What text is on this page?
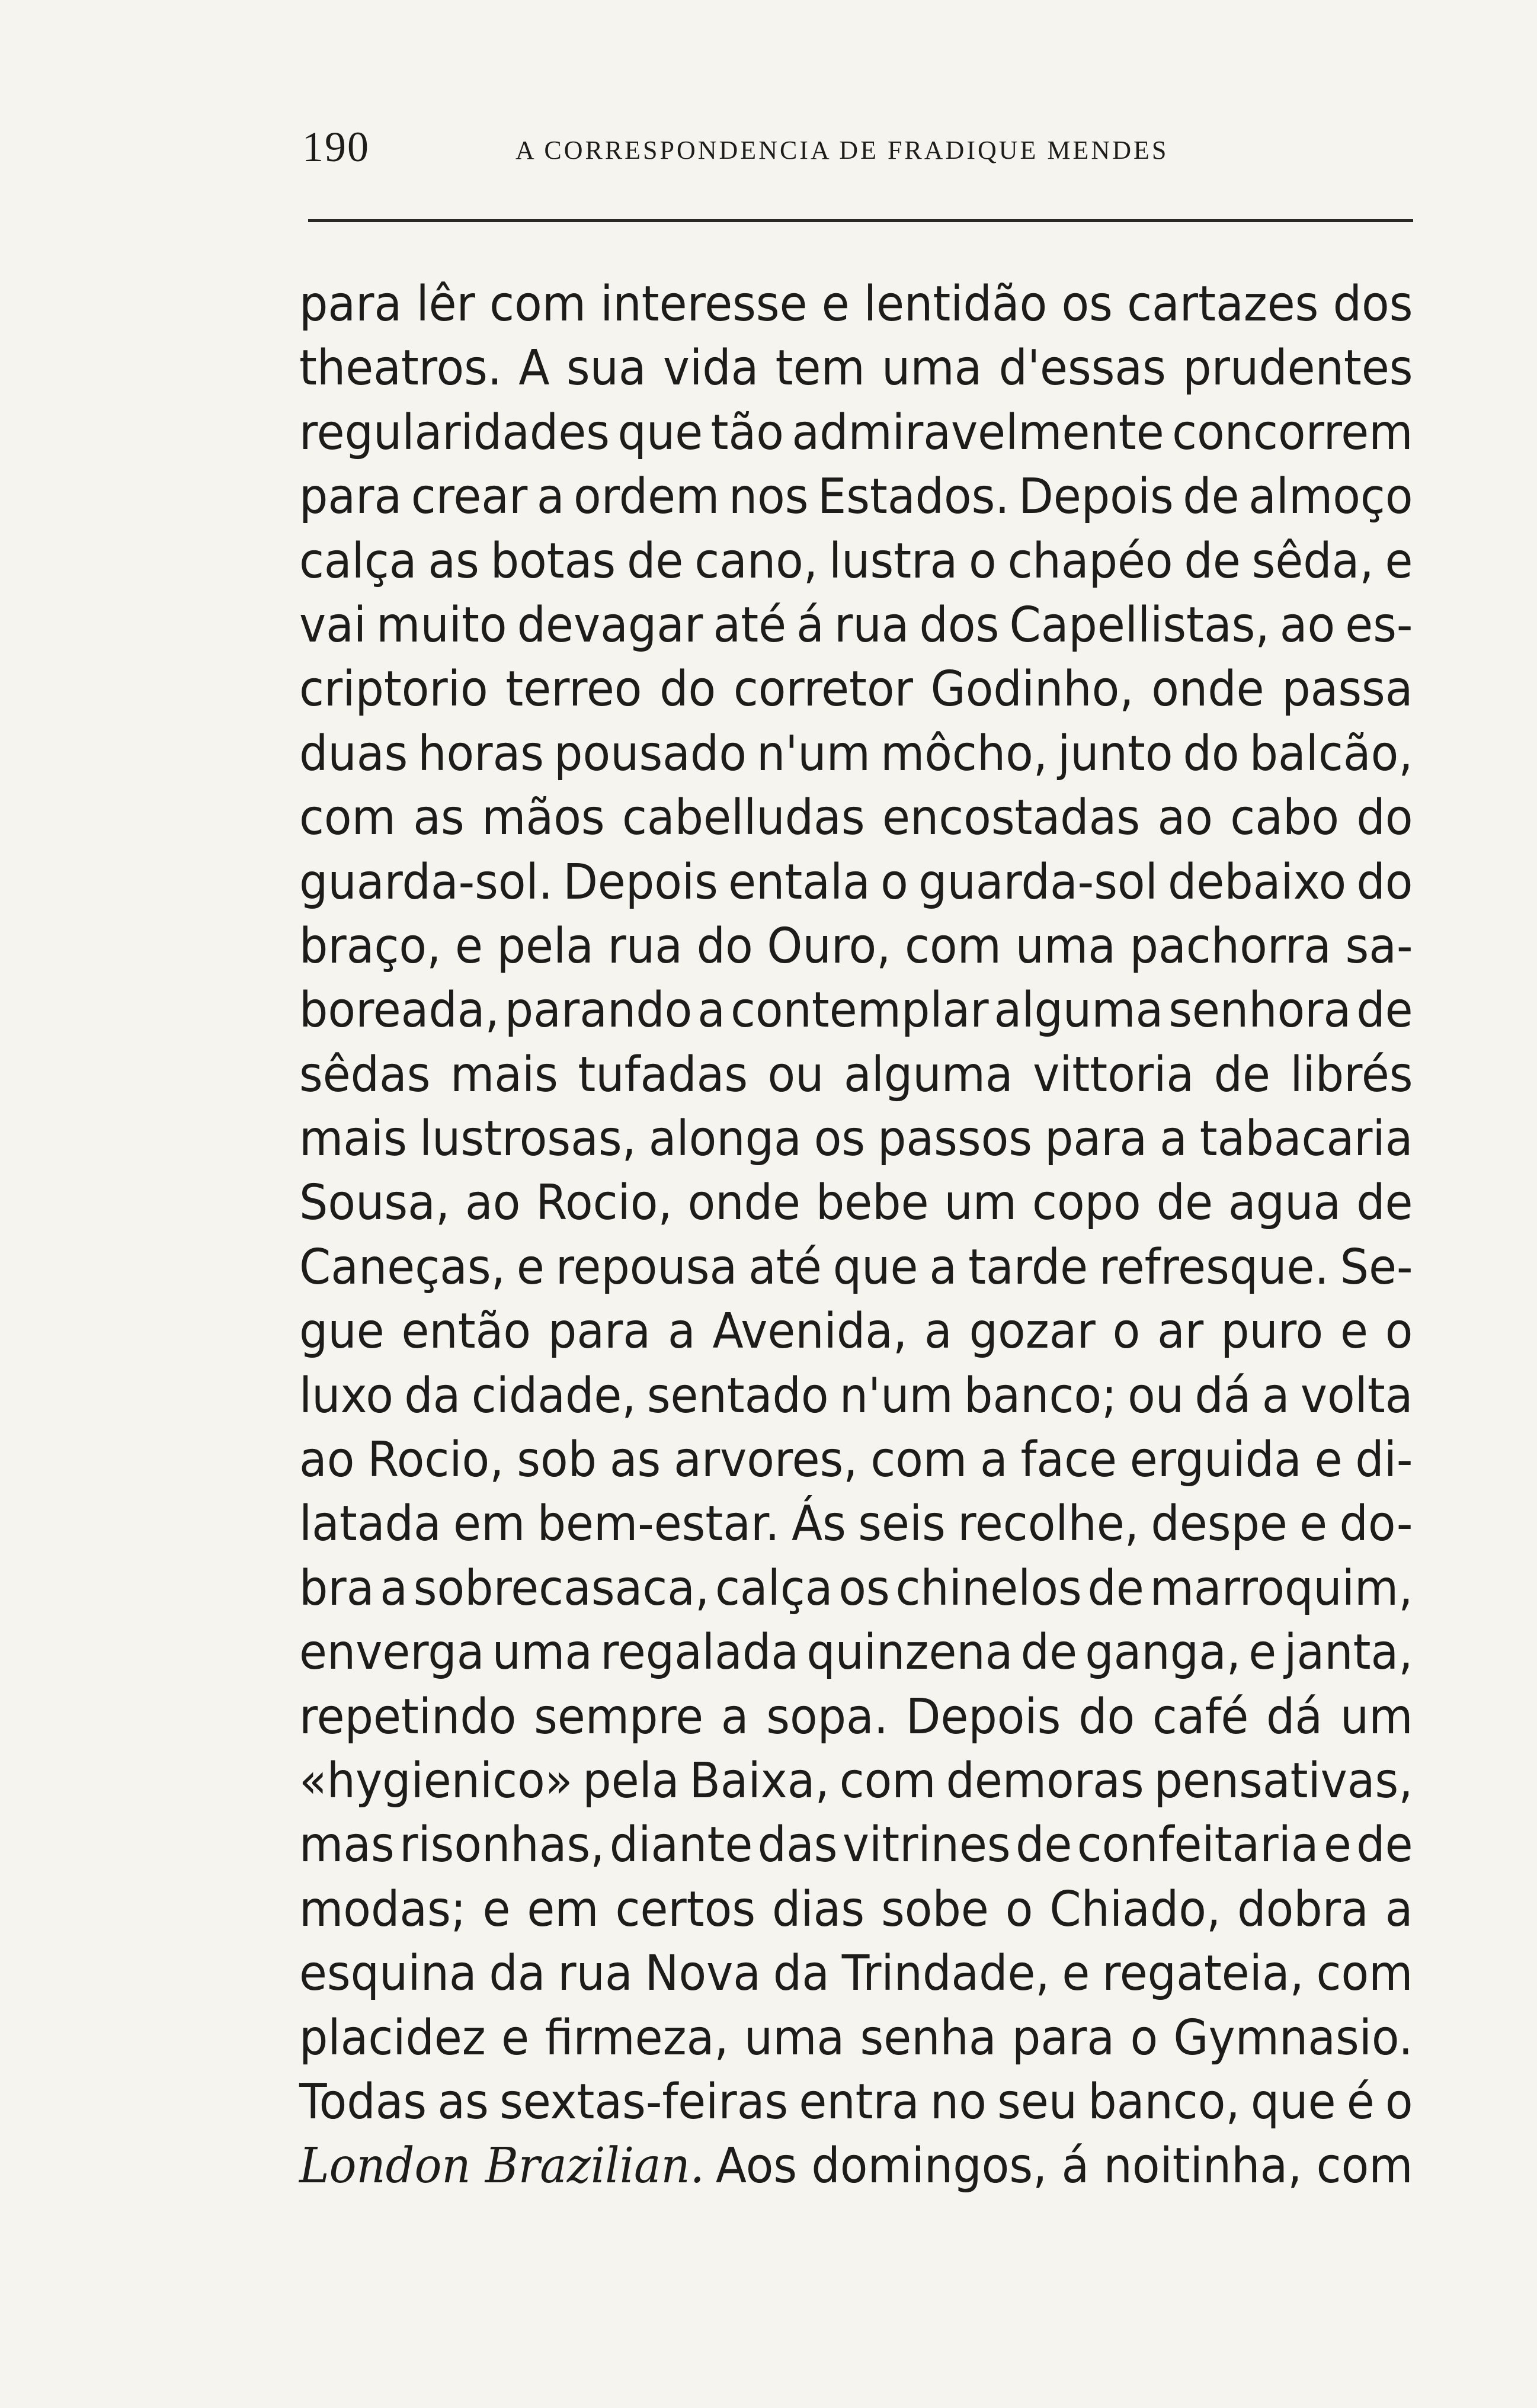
190	A CORRESPONDENCIA DE FRADIQUE MENDES
para lêr com interesse e lentidão os cartazes dos
theatros. A sua vida tem uma d'essas prudentes
regularidades que tão admiravelmente concorrem
para crear a ordem nos Estados. Depois de almoço
calça as botas de cano, lustra o chapéo de sêda, e
vai muito devagar até á rua dos Capellistas, ao es-
criptorio terreo do corretor Godinho, onde passa
duas horas pousado n'um môcho, junto do balcão,
com as mãos cabelludas encostadas ao cabo do
guarda-sol. Depois entala o guarda-sol debaixo do
braço, e pela rua do Ouro, com uma pachorra sa-
boreada, parando a contemplar alguma senhora de
sêdas mais tufadas ou alguma vittoria de librés
mais lustrosas, alonga os passos para a tabacaria
Sousa, ao Rocio, onde bebe um copo de agua de
Caneças, e repousa até que a tarde refresque. Se-
gue então para a Avenida, a gozar o ar puro e o
luxo da cidade, sentado n'um banco; ou dá a volta
ao Rocio, sob as arvores, com a face erguida e di-
latada em bem-estar. Ás seis recolhe, despe e do-
bra a sobrecasaca, calça os chinelos de marroquim,
enverga uma regalada quinzena de ganga, e janta,
repetindo sempre a sopa. Depois do café dá um
«hygienico» pela Baixa, com demoras pensativas,
mas risonhas, diante das vitrines de confeitaria e de
modas; e em certos dias sobe o Chiado, dobra a
esquina da rua Nova da Trindade, e regateia, com
placidez e firmeza, uma senha para o Gymnasio.
Todas as sextas-feiras entra no seu banco, que é o
London Brazilian. Aos domingos, á noitinha, com
